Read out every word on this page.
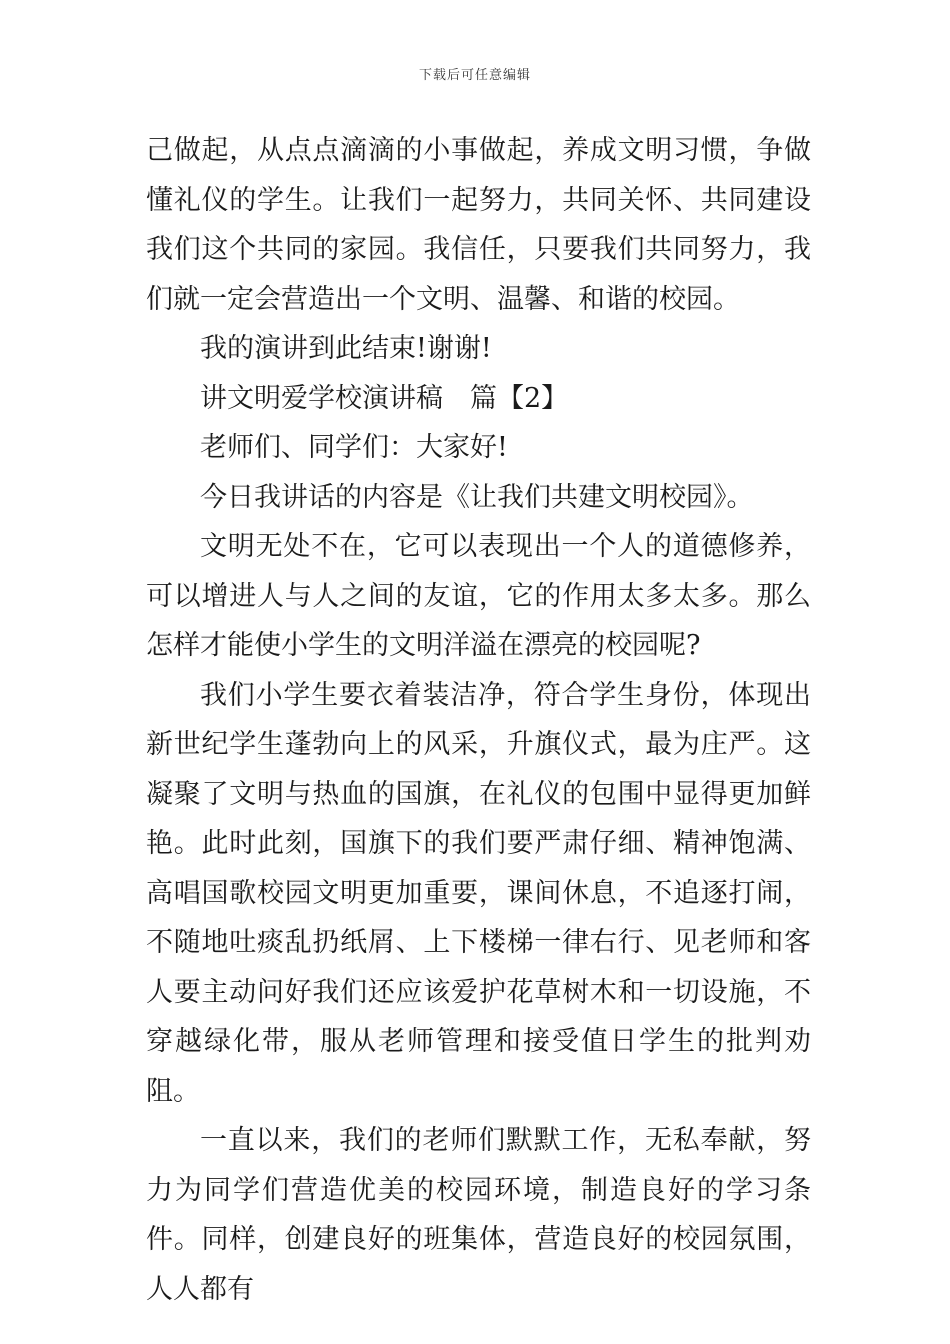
下载后可任意编辑

己做起，从点点滴滴的小事做起，养成文明习惯，争做懂礼仪的学生。让我们一起努力，共同关怀、共同建设我们这个共同的家园。我信任，只要我们共同努力，我们就一定会营造出一个文明、温馨、和谐的校园。

我的演讲到此结束!谢谢!

讲文明爱学校演讲稿　篇【2】

老师们、同学们：大家好!

今日我讲话的内容是《让我们共建文明校园》。

文明无处不在，它可以表现出一个人的道德修养，可以增进人与人之间的友谊，它的作用太多太多。那么怎样才能使小学生的文明洋溢在漂亮的校园呢?

我们小学生要衣着装洁净，符合学生身份，体现出新世纪学生蓬勃向上的风采，升旗仪式，最为庄严。这凝聚了文明与热血的国旗，在礼仪的包围中显得更加鲜艳。此时此刻，国旗下的我们要严肃仔细、精神饱满、高唱国歌校园文明更加重要，课间休息，不追逐打闹，不随地吐痰乱扔纸屑、上下楼梯一律右行、见老师和客人要主动问好我们还应该爱护花草树木和一切设施，不穿越绿化带，服从老师管理和接受值日学生的批判劝阻。

一直以来，我们的老师们默默工作，无私奉献，努力为同学们营造优美的校园环境，制造良好的学习条件。同样，创建良好的班集体，营造良好的校园氛围，人人都有
